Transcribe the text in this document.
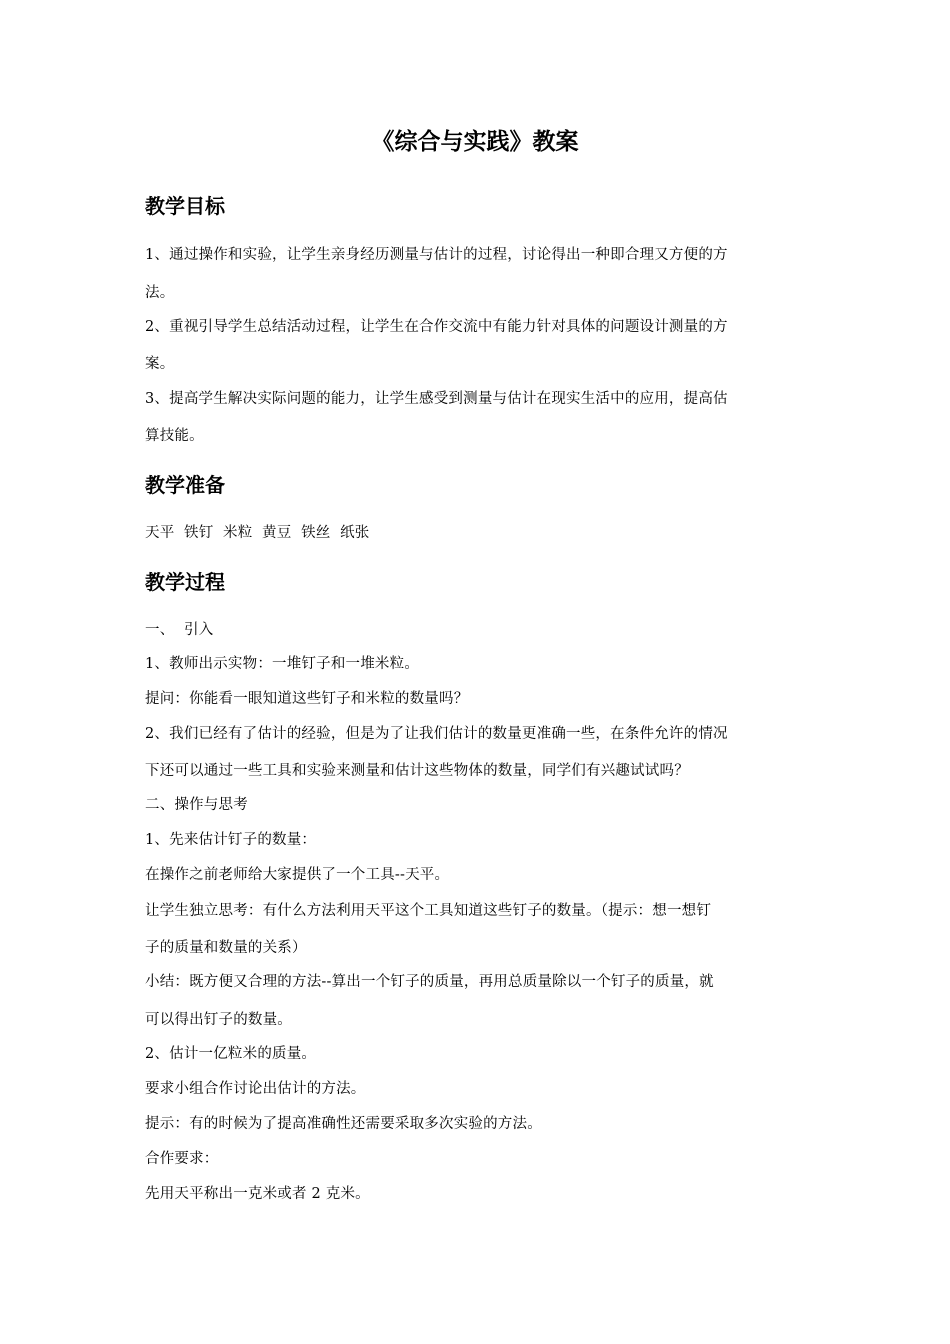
《综合与实践》教案
教学目标

1、通过操作和实验，让学生亲身经历测量与估计的过程，讨论得出一种即合理又方便的方

法。

2、重视引导学生总结活动过程，让学生在合作交流中有能力针对具体的问题设计测量的方

案。

3、提高学生解决实际问题的能力，让学生感受到测量与估计在现实生活中的应用，提高估

算技能。

教学准备

天平  铁钉  米粒  黄豆  铁丝  纸张

教学过程

一、  引入

1、教师出示实物：一堆钉子和一堆米粒。

提问：你能看一眼知道这些钉子和米粒的数量吗？

2、我们已经有了估计的经验，但是为了让我们估计的数量更准确一些，在条件允许的情况

下还可以通过一些工具和实验来测量和估计这些物体的数量，同学们有兴趣试试吗？

二、操作与思考

1、先来估计钉子的数量：

在操作之前老师给大家提供了一个工具--天平。

让学生独立思考：有什么方法利用天平这个工具知道这些钉子的数量。（提示：想一想钉

子的质量和数量的关系）

小结：既方便又合理的方法--算出一个钉子的质量，再用总质量除以一个钉子的质量，就

可以得出钉子的数量。

2、估计一亿粒米的质量。

要求小组合作讨论出估计的方法。

提示：有的时候为了提高准确性还需要采取多次实验的方法。

合作要求：

先用天平称出一克米或者 2 克米。
